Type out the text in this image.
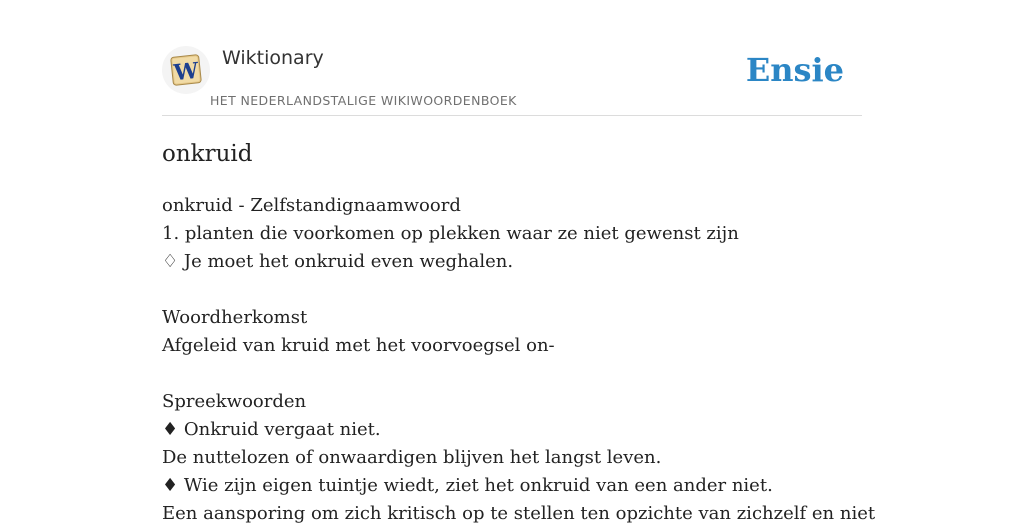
W Wiktionary
HET NEDERLANDSTALIGE WIKIWOORDENBOEK
Ensie
onkruid
onkruid - Zelfstandignaamwoord
1. planten die voorkomen op plekken waar ze niet gewenst zijn
♢ Je moet het onkruid even weghalen.
Woordherkomst
Afgeleid van kruid met het voorvoegsel on-
Spreekwoorden
♦ Onkruid vergaat niet.
De nuttelozen of onwaardigen blijven het langst leven.
♦ Wie zijn eigen tuintje wiedt, ziet het onkruid van een ander niet.
Een aansporing om zich kritisch op te stellen ten opzichte van zichzelf en niet
